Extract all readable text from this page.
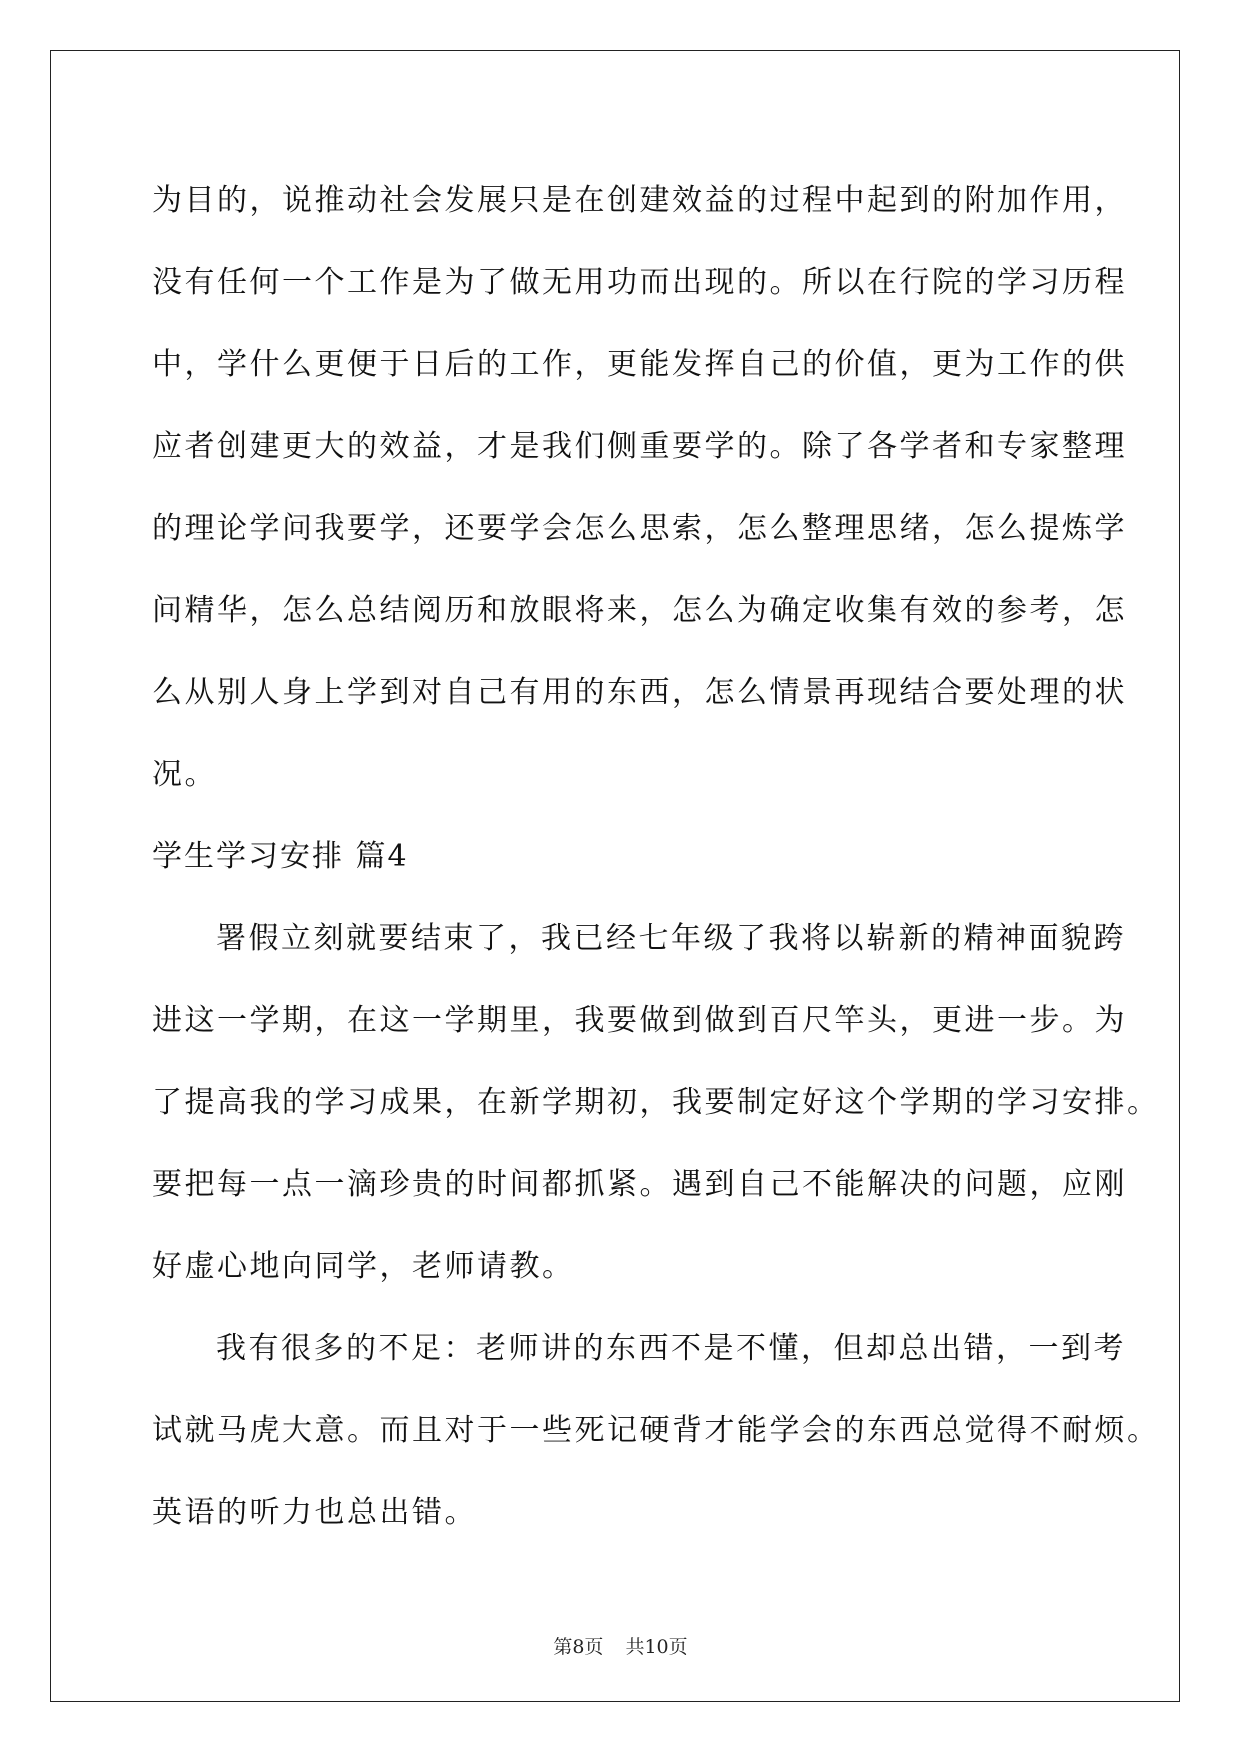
为目的，说推动社会发展只是在创建效益的过程中起到的附加作用，
没有任何一个工作是为了做无用功而出现的。所以在行院的学习历程
中，学什么更便于日后的工作，更能发挥自己的价值，更为工作的供
应者创建更大的效益，才是我们侧重要学的。除了各学者和专家整理
的理论学问我要学，还要学会怎么思索，怎么整理思绪，怎么提炼学
问精华，怎么总结阅历和放眼将来，怎么为确定收集有效的参考，怎
么从别人身上学到对自己有用的东西，怎么情景再现结合要处理的状
况。
学生学习安排 篇4
署假立刻就要结束了，我已经七年级了我将以崭新的精神面貌跨
进这一学期，在这一学期里，我要做到做到百尺竿头，更进一步。为
了提高我的学习成果，在新学期初，我要制定好这个学期的学习安排。
要把每一点一滴珍贵的时间都抓紧。遇到自己不能解决的问题，应刚
好虚心地向同学，老师请教。
我有很多的不足：老师讲的东西不是不懂，但却总出错，一到考
试就马虎大意。而且对于一些死记硬背才能学会的东西总觉得不耐烦。
英语的听力也总出错。
第8页 共10页
